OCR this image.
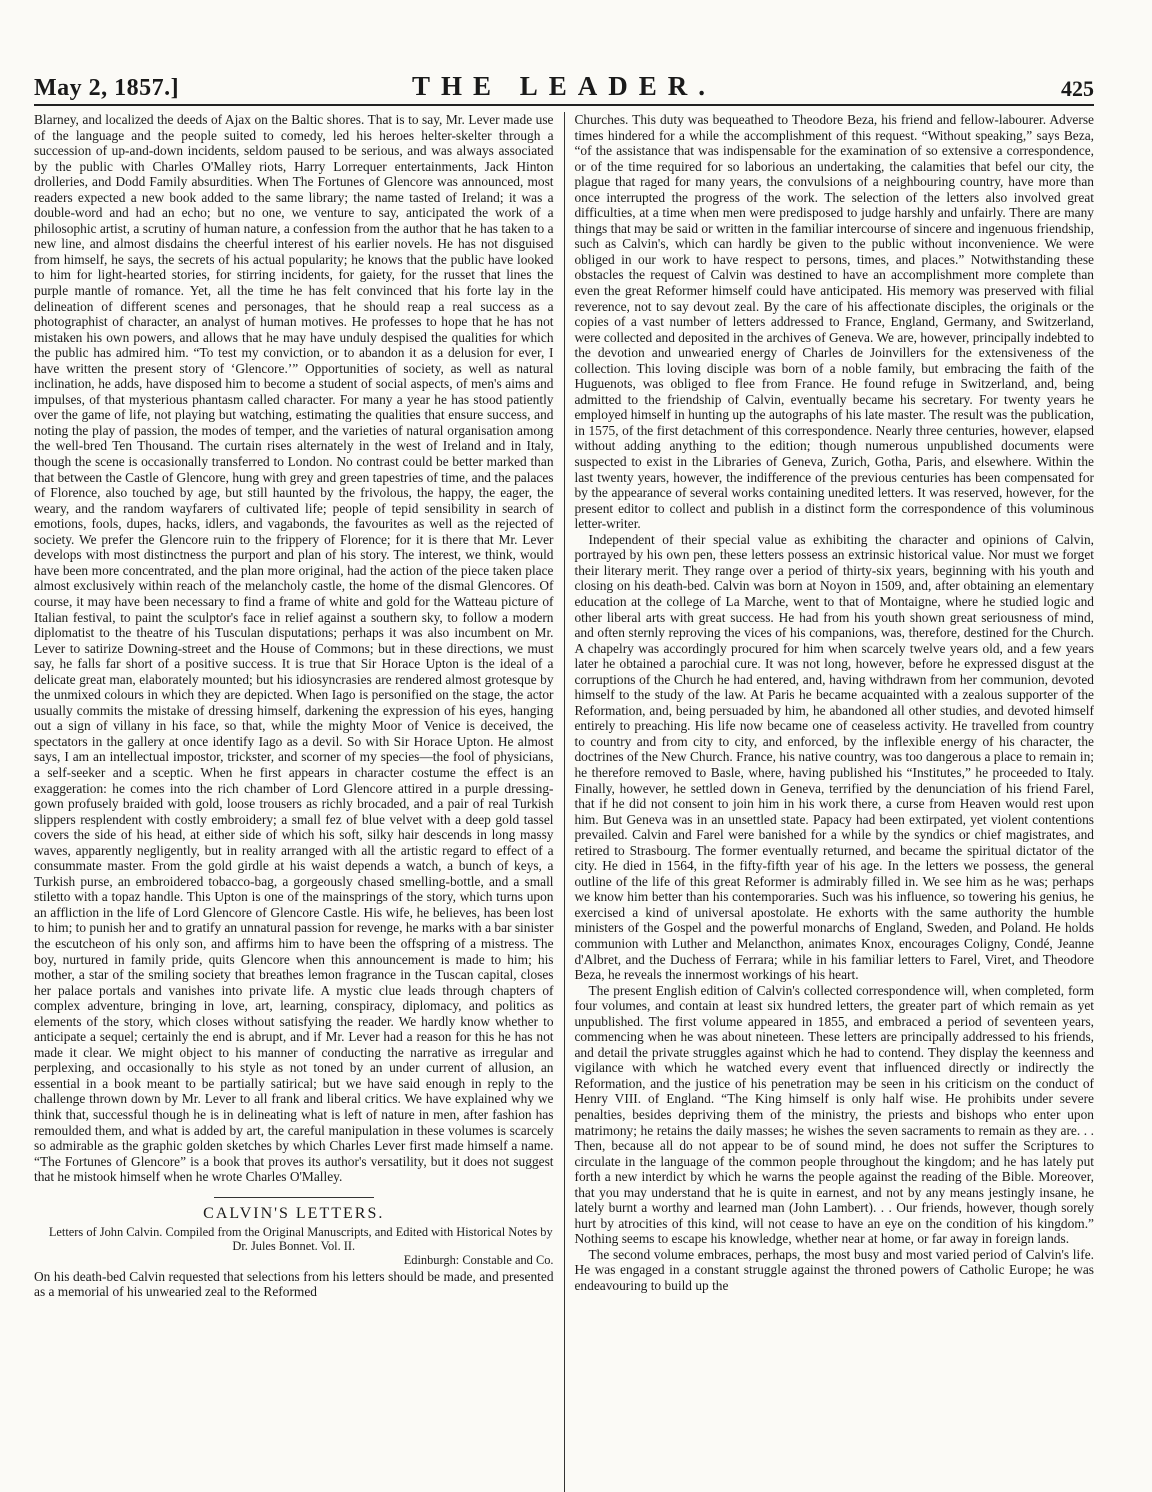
May 2, 1857.]	THE LEADER.	425

Blarney, and localized the deeds of Ajax on the Baltic shores. That is to say, Mr. Lever made use of the language and the people suited to comedy, led his heroes helter-skelter through a succession of up-and-down incidents, seldom paused to be serious, and was always associated by the public with Charles O'Malley riots, Harry Lorrequer entertainments, Jack Hinton drolleries, and Dodd Family absurdities. When The Fortunes of Glencore was announced, most readers expected a new book added to the same library; the name tasted of Ireland; it was a double-word and had an echo; but no one, we venture to say, anticipated the work of a philosophic artist, a scrutiny of human nature, a confession from the author that he has taken to a new line, and almost disdains the cheerful interest of his earlier novels. He has not disguised from himself, he says, the secrets of his actual popularity; he knows that the public have looked to him for light-hearted stories, for stirring incidents, for gaiety, for the russet that lines the purple mantle of romance. Yet, all the time he has felt convinced that his forte lay in the delineation of different scenes and personages, that he should reap a real success as a photographist of character, an analyst of human motives. He professes to hope that he has not mistaken his own powers, and allows that he may have unduly despised the qualities for which the public has admired him. “To test my conviction, or to abandon it as a delusion for ever, I have written the present story of ‘Glencore.’” Opportunities of society, as well as natural inclination, he adds, have disposed him to become a student of social aspects, of men's aims and impulses, of that mysterious phantasm called character. For many a year he has stood patiently over the game of life, not playing but watching, estimating the qualities that ensure success, and noting the play of passion, the modes of temper, and the varieties of natural organisation among the well-bred Ten Thousand. The curtain rises alternately in the west of Ireland and in Italy, though the scene is occasionally transferred to London. No contrast could be better marked than that between the Castle of Glencore, hung with grey and green tapestries of time, and the palaces of Florence, also touched by age, but still haunted by the frivolous, the happy, the eager, the weary, and the random wayfarers of cultivated life; people of tepid sensibility in search of emotions, fools, dupes, hacks, idlers, and vagabonds, the favourites as well as the rejected of society. We prefer the Glencore ruin to the frippery of Florence; for it is there that Mr. Lever develops with most distinctness the purport and plan of his story. The interest, we think, would have been more concentrated, and the plan more original, had the action of the piece taken place almost exclusively within reach of the melancholy castle, the home of the dismal Glencores. Of course, it may have been necessary to find a frame of white and gold for the Watteau picture of Italian festival, to paint the sculptor's face in relief against a southern sky, to follow a modern diplomatist to the theatre of his Tusculan disputations; perhaps it was also incumbent on Mr. Lever to satirize Downing-street and the House of Commons; but in these directions, we must say, he falls far short of a positive success. It is true that Sir Horace Upton is the ideal of a delicate great man, elaborately mounted; but his idiosyncrasies are rendered almost grotesque by the unmixed colours in which they are depicted. When Iago is personified on the stage, the actor usually commits the mistake of dressing himself, darkening the expression of his eyes, hanging out a sign of villany in his face, so that, while the mighty Moor of Venice is deceived, the spectators in the gallery at once identify Iago as a devil. So with Sir Horace Upton. He almost says, I am an intellectual impostor, trickster, and scorner of my species—the fool of physicians, a self-seeker and a sceptic. When he first appears in character costume the effect is an exaggeration: he comes into the rich chamber of Lord Glencore attired in a purple dressing-gown profusely braided with gold, loose trousers as richly brocaded, and a pair of real Turkish slippers resplendent with costly embroidery; a small fez of blue velvet with a deep gold tassel covers the side of his head, at either side of which his soft, silky hair descends in long massy waves, apparently negligently, but in reality arranged with all the artistic regard to effect of a consummate master. From the gold girdle at his waist depends a watch, a bunch of keys, a Turkish purse, an embroidered tobacco-bag, a gorgeously chased smelling-bottle, and a small stiletto with a topaz handle. This Upton is one of the mainsprings of the story, which turns upon an affliction in the life of Lord Glencore of Glencore Castle. His wife, he believes, has been lost to him; to punish her and to gratify an unnatural passion for revenge, he marks with a bar sinister the escutcheon of his only son, and affirms him to have been the offspring of a mistress. The boy, nurtured in family pride, quits Glencore when this announcement is made to him; his mother, a star of the smiling society that breathes lemon fragrance in the Tuscan capital, closes her palace portals and vanishes into private life. A mystic clue leads through chapters of complex adventure, bringing in love, art, learning, conspiracy, diplomacy, and politics as elements of the story, which closes without satisfying the reader. We hardly know whether to anticipate a sequel; certainly the end is abrupt, and if Mr. Lever had a reason for this he has not made it clear. We might object to his manner of conducting the narrative as irregular and perplexing, and occasionally to his style as not toned by an under current of allusion, an essential in a book meant to be partially satirical; but we have said enough in reply to the challenge thrown down by Mr. Lever to all frank and liberal critics. We have explained why we think that, successful though he is in delineating what is left of nature in men, after fashion has remoulded them, and what is added by art, the careful manipulation in these volumes is scarcely so admirable as the graphic golden sketches by which Charles Lever first made himself a name. “The Fortunes of Glencore” is a book that proves its author's versatility, but it does not suggest that he mistook himself when he wrote Charles O'Malley.

CALVIN'S LETTERS.

Letters of John Calvin. Compiled from the Original Manuscripts, and Edited with Historical Notes by Dr. Jules Bonnet. Vol. II.

Edinburgh: Constable and Co.

On his death-bed Calvin requested that selections from his letters should be made, and presented as a memorial of his unwearied zeal to the Reformed

Churches. This duty was bequeathed to Theodore Beza, his friend and fellow-labourer. Adverse times hindered for a while the accomplishment of this request. “Without speaking,” says Beza, “of the assistance that was indispensable for the examination of so extensive a correspondence, or of the time required for so laborious an undertaking, the calamities that befel our city, the plague that raged for many years, the convulsions of a neighbouring country, have more than once interrupted the progress of the work. The selection of the letters also involved great difficulties, at a time when men were predisposed to judge harshly and unfairly. There are many things that may be said or written in the familiar intercourse of sincere and ingenuous friendship, such as Calvin's, which can hardly be given to the public without inconvenience. We were obliged in our work to have respect to persons, times, and places.” Notwithstanding these obstacles the request of Calvin was destined to have an accomplishment more complete than even the great Reformer himself could have anticipated. His memory was preserved with filial reverence, not to say devout zeal. By the care of his affectionate disciples, the originals or the copies of a vast number of letters addressed to France, England, Germany, and Switzerland, were collected and deposited in the archives of Geneva. We are, however, principally indebted to the devotion and unwearied energy of Charles de Joinvillers for the extensiveness of the collection. This loving disciple was born of a noble family, but embracing the faith of the Huguenots, was obliged to flee from France. He found refuge in Switzerland, and, being admitted to the friendship of Calvin, eventually became his secretary. For twenty years he employed himself in hunting up the autographs of his late master. The result was the publication, in 1575, of the first detachment of this correspondence. Nearly three centuries, however, elapsed without adding anything to the edition; though numerous unpublished documents were suspected to exist in the Libraries of Geneva, Zurich, Gotha, Paris, and elsewhere. Within the last twenty years, however, the indifference of the previous centuries has been compensated for by the appearance of several works containing unedited letters. It was reserved, however, for the present editor to collect and publish in a distinct form the correspondence of this voluminous letter-writer.

Independent of their special value as exhibiting the character and opinions of Calvin, portrayed by his own pen, these letters possess an extrinsic historical value. Nor must we forget their literary merit. They range over a period of thirty-six years, beginning with his youth and closing on his death-bed. Calvin was born at Noyon in 1509, and, after obtaining an elementary education at the college of La Marche, went to that of Montaigne, where he studied logic and other liberal arts with great success. He had from his youth shown great seriousness of mind, and often sternly reproving the vices of his companions, was, therefore, destined for the Church. A chapelry was accordingly procured for him when scarcely twelve years old, and a few years later he obtained a parochial cure. It was not long, however, before he expressed disgust at the corruptions of the Church he had entered, and, having withdrawn from her communion, devoted himself to the study of the law. At Paris he became acquainted with a zealous supporter of the Reformation, and, being persuaded by him, he abandoned all other studies, and devoted himself entirely to preaching. His life now became one of ceaseless activity. He travelled from country to country and from city to city, and enforced, by the inflexible energy of his character, the doctrines of the New Church. France, his native country, was too dangerous a place to remain in; he therefore removed to Basle, where, having published his “Institutes,” he proceeded to Italy. Finally, however, he settled down in Geneva, terrified by the denunciation of his friend Farel, that if he did not consent to join him in his work there, a curse from Heaven would rest upon him. But Geneva was in an unsettled state. Papacy had been extirpated, yet violent contentions prevailed. Calvin and Farel were banished for a while by the syndics or chief magistrates, and retired to Strasbourg. The former eventually returned, and became the spiritual dictator of the city. He died in 1564, in the fifty-fifth year of his age. In the letters we possess, the general outline of the life of this great Reformer is admirably filled in. We see him as he was; perhaps we know him better than his contemporaries. Such was his influence, so towering his genius, he exercised a kind of universal apostolate. He exhorts with the same authority the humble ministers of the Gospel and the powerful monarchs of England, Sweden, and Poland. He holds communion with Luther and Melancthon, animates Knox, encourages Coligny, Condé, Jeanne d'Albret, and the Duchess of Ferrara; while in his familiar letters to Farel, Viret, and Theodore Beza, he reveals the innermost workings of his heart.

The present English edition of Calvin's collected correspondence will, when completed, form four volumes, and contain at least six hundred letters, the greater part of which remain as yet unpublished. The first volume appeared in 1855, and embraced a period of seventeen years, commencing when he was about nineteen. These letters are principally addressed to his friends, and detail the private struggles against which he had to contend. They display the keenness and vigilance with which he watched every event that influenced directly or indirectly the Reformation, and the justice of his penetration may be seen in his criticism on the conduct of Henry VIII. of England. “The King himself is only half wise. He prohibits under severe penalties, besides depriving them of the ministry, the priests and bishops who enter upon matrimony; he retains the daily masses; he wishes the seven sacraments to remain as they are. . . Then, because all do not appear to be of sound mind, he does not suffer the Scriptures to circulate in the language of the common people throughout the kingdom; and he has lately put forth a new interdict by which he warns the people against the reading of the Bible. Moreover, that you may understand that he is quite in earnest, and not by any means jestingly insane, he lately burnt a worthy and learned man (John Lambert). . . Our friends, however, though sorely hurt by atrocities of this kind, will not cease to have an eye on the condition of his kingdom.” Nothing seems to escape his knowledge, whether near at home, or far away in foreign lands.

The second volume embraces, perhaps, the most busy and most varied period of Calvin's life. He was engaged in a constant struggle against the throned powers of Catholic Europe; he was endeavouring to build up the
